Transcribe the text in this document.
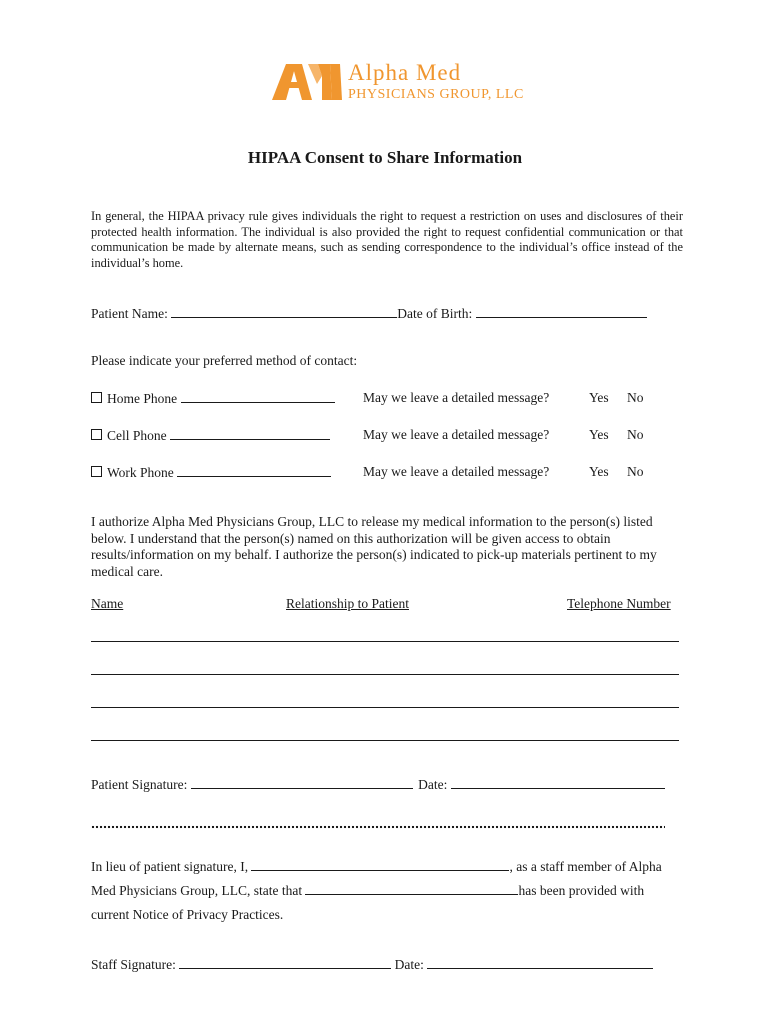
Alpha Med
PHYSICIANS GROUP, LLC
HIPAA Consent to Share Information
In general, the HIPAA privacy rule gives individuals the right to request a restriction on uses and disclosures of their protected health information. The individual is also provided the right to request confidential communication or that communication be made by alternate means, such as sending correspondence to the individual’s office instead of the individual’s home.
Patient Name:	Date of Birth:
Please indicate your preferred method of contact:
Home Phone	May we leave a detailed message?	Yes No
Cell Phone	May we leave a detailed message?	Yes No
Work Phone	May we leave a detailed message?	Yes No
I authorize Alpha Med Physicians Group, LLC to release my medical information to the person(s) listed below. I understand that the person(s) named on this authorization will be given access to obtain results/information on my behalf. I authorize the person(s) indicated to pick-up materials pertinent to my medical care.
Name	Relationship to Patient	Telephone Number
Patient Signature:	Date:
In lieu of patient signature, I,	, as a staff member of Alpha
Med Physicians Group, LLC, state that	has been provided with
current Notice of Privacy Practices.
Staff Signature:	Date:
